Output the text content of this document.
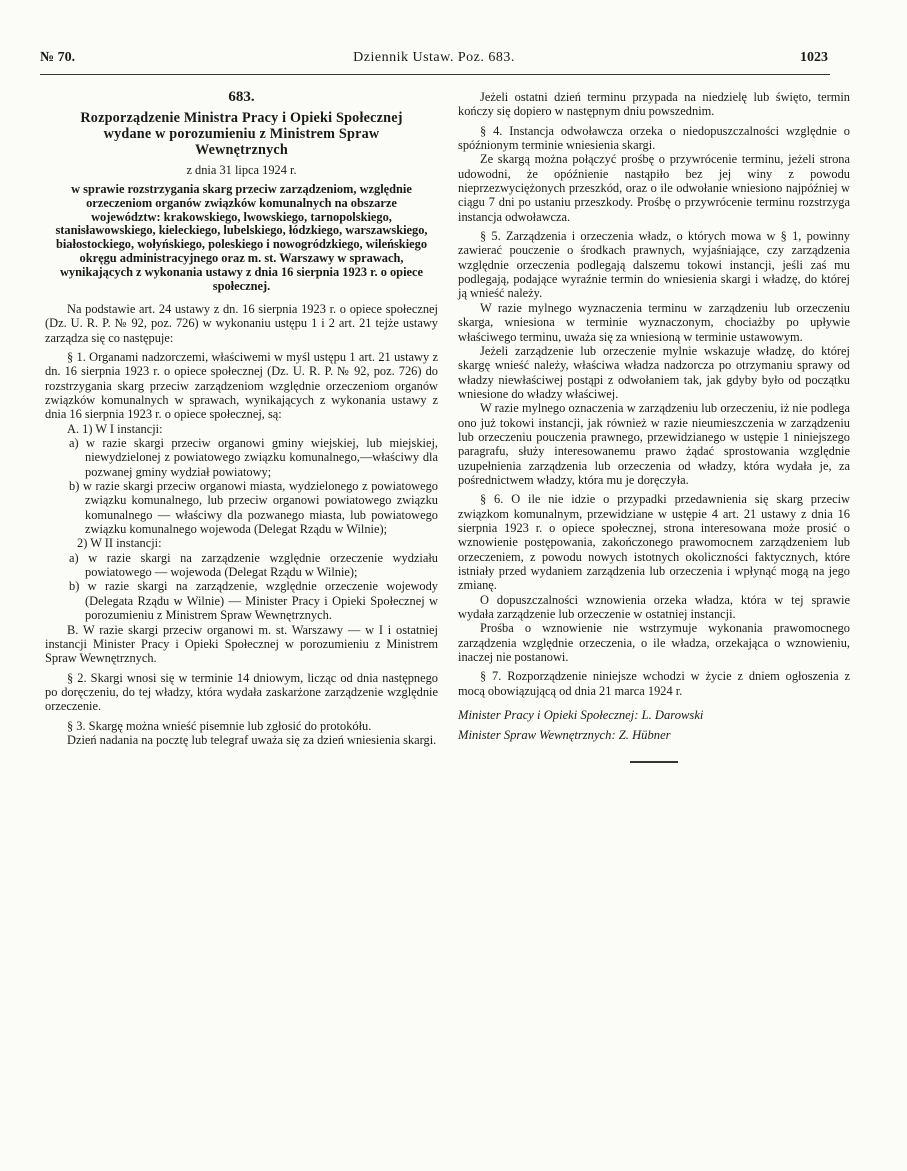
№ 70.	Dziennik Ustaw. Poz. 683.	1023

683.

Rozporządzenie Ministra Pracy i Opieki Społecznej wydane w porozumieniu z Ministrem Spraw Wewnętrznych

z dnia 31 lipca 1924 r.

w sprawie rozstrzygania skarg przeciw zarządzeniom, względnie orzeczeniom organów związków komunalnych na obszarze województw: krakowskiego, lwowskiego, tarnopolskiego, stanisławowskiego, kieleckiego, lubelskiego, łódzkiego, warszawskiego, białostockiego, wołyńskiego, poleskiego i nowogródzkiego, wileńskiego okręgu administracyjnego oraz m. st. Warszawy w sprawach, wynikających z wykonania ustawy z dnia 16 sierpnia 1923 r. o opiece społecznej.

Na podstawie art. 24 ustawy z dn. 16 sierpnia 1923 r. o opiece społecznej (Dz. U. R. P. № 92, poz. 726) w wykonaniu ustępu 1 i 2 art. 21 tejże ustawy zarządza się co następuje:

§ 1. Organami nadzorczemi, właściwemi w myśl ustępu 1 art. 21 ustawy z dn. 16 sierpnia 1923 r. o opiece społecznej (Dz. U. R. P. № 92, poz. 726) do rozstrzygania skarg przeciw zarządzeniom względnie orzeczeniom organów związków komunalnych w sprawach, wynikających z wykonania ustawy z dnia 16 sierpnia 1923 r. o opiece społecznej, są:

A. 1) W I instancji:

a) w razie skargi przeciw organowi gminy wiejskiej, lub miejskiej, niewydzielonej z powiatowego związku komunalnego,—właściwy dla pozwanej gminy wydział powiatowy;

b) w razie skargi przeciw organowi miasta, wydzielonego z powiatowego związku komunalnego, lub przeciw organowi powiatowego związku komunalnego — właściwy dla pozwanego miasta, lub powiatowego związku komunalnego wojewoda (Delegat Rządu w Wilnie);

2) W II instancji:

a) w razie skargi na zarządzenie względnie orzeczenie wydziału powiatowego — wojewoda (Delegat Rządu w Wilnie);

b) w razie skargi na zarządzenie, względnie orzeczenie wojewody (Delegata Rządu w Wilnie) — Minister Pracy i Opieki Społecznej w porozumieniu z Ministrem Spraw Wewnętrznych.

B. W razie skargi przeciw organowi m. st. Warszawy — w I i ostatniej instancji Minister Pracy i Opieki Społecznej w porozumieniu z Ministrem Spraw Wewnętrznych.

§ 2. Skargi wnosi się w terminie 14 dniowym, licząc od dnia następnego po doręczeniu, do tej władzy, która wydała zaskarżone zarządzenie względnie orzeczenie.

§ 3. Skargę można wnieść pisemnie lub zgłosić do protokółu.

Dzień nadania na pocztę lub telegraf uważa się za dzień wniesienia skargi.

Jeżeli ostatni dzień terminu przypada na niedzielę lub święto, termin kończy się dopiero w następnym dniu powszednim.

§ 4. Instancja odwoławcza orzeka o niedopuszczalności względnie o spóźnionym terminie wniesienia skargi.

Ze skargą można połączyć prośbę o przywrócenie terminu, jeżeli strona udowodni, że opóźnienie nastąpiło bez jej winy z powodu nieprzezwyciężonych przeszkód, oraz o ile odwołanie wniesiono najpóźniej w ciągu 7 dni po ustaniu przeszkody. Prośbę o przywrócenie terminu rozstrzyga instancja odwoławcza.

§ 5. Zarządzenia i orzeczenia władz, o których mowa w § 1, powinny zawierać pouczenie o środkach prawnych, wyjaśniające, czy zarządzenia względnie orzeczenia podlegają dalszemu tokowi instancji, jeśli zaś mu podlegają, podające wyraźnie termin do wniesienia skargi i władzę, do której ją wnieść należy.

W razie mylnego wyznaczenia terminu w zarządzeniu lub orzeczeniu skarga, wniesiona w terminie wyznaczonym, chociażby po upływie właściwego terminu, uważa się za wniesioną w terminie ustawowym.

Jeżeli zarządzenie lub orzeczenie mylnie wskazuje władzę, do której skargę wnieść należy, właściwa władza nadzorcza po otrzymaniu sprawy od władzy niewłaściwej postąpi z odwołaniem tak, jak gdyby było od początku wniesione do władzy właściwej.

W razie mylnego oznaczenia w zarządzeniu lub orzeczeniu, iż nie podlega ono już tokowi instancji, jak również w razie nieumieszczenia w zarządzeniu lub orzeczeniu pouczenia prawnego, przewidzianego w ustępie 1 niniejszego paragrafu, służy interesowanemu prawo żądać sprostowania względnie uzupełnienia zarządzenia lub orzeczenia od władzy, która wydała je, za pośrednictwem władzy, która mu je doręczyła.

§ 6. O ile nie idzie o przypadki przedawnienia się skarg przeciw związkom komunalnym, przewidziane w ustępie 4 art. 21 ustawy z dnia 16 sierpnia 1923 r. o opiece społecznej, strona interesowana może prosić o wznowienie postępowania, zakończonego prawomocnem zarządzeniem lub orzeczeniem, z powodu nowych istotnych okoliczności faktycznych, które istniały przed wydaniem zarządzenia lub orzeczenia i wpłynąć mogą na jego zmianę.

O dopuszczalności wznowienia orzeka władza, która w tej sprawie wydała zarządzenie lub orzeczenie w ostatniej instancji.

Prośba o wznowienie nie wstrzymuje wykonania prawomocnego zarządzenia względnie orzeczenia, o ile władza, orzekająca o wznowieniu, inaczej nie postanowi.

§ 7. Rozporządzenie niniejsze wchodzi w życie z dniem ogłoszenia z mocą obowiązującą od dnia 21 marca 1924 r.

Minister Pracy i Opieki Społecznej: L. Darowski

Minister Spraw Wewnętrznych: Z. Hübner
